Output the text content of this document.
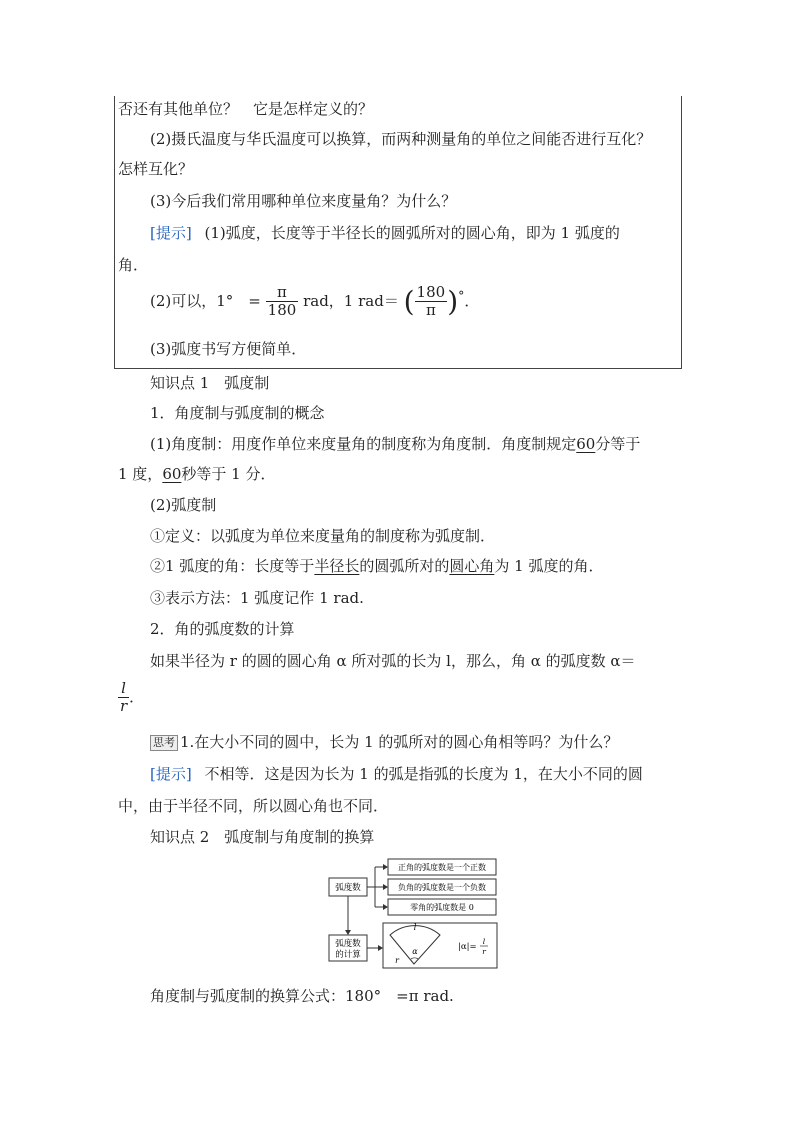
否还有其他单位？　它是怎样定义的？
(2)摄氏温度与华氏温度可以换算，而两种测量角的单位之间能否进行互化？
怎样互化？
(3)今后我们常用哪种单位来度量角？为什么？
[提示] (1)弧度，长度等于半径长的圆弧所对的圆心角，即为 1 弧度的
角．
(2)可以，1°　= $\frac{\pi}{180}$ rad，1 rad＝ ( $\frac{180}{\pi} )^\circ$．
(3)弧度书写方便简单．
知识点 1　弧度制
1．角度制与弧度制的概念
(1)角度制：用度作单位来度量角的制度称为角度制．角度制规定60分等于
1 度，60秒等于 1 分．
(2)弧度制
①定义：以弧度为单位来度量角的制度称为弧度制．
②1 弧度的角：长度等于半径长的圆弧所对的圆心角为 1 弧度的角．
③表示方法：1 弧度记作 1 rad.
2．角的弧度数的计算
如果半径为 r 的圆的圆心角 α 所对弧的长为 l，那么，角 α 的弧度数 α＝
$\frac{l}{r}$ ．
思考 1.在大小不同的圆中，长为 1 的弧所对的圆心角相等吗？为什么？
[提示] 不相等．这是因为长为 1 的弧是指弧的长度为 1，在大小不同的圆
中，由于半径不同，所以圆心角也不同．
知识点 2　弧度制与角度制的换算
弧度数
正角的弧度数是一个正数
负角的弧度数是一个负数
零角的弧度数是 0
弧度数
的计算
l
α
r
|α|=
l
r
角度制与弧度制的换算公式：180°　=π rad.
